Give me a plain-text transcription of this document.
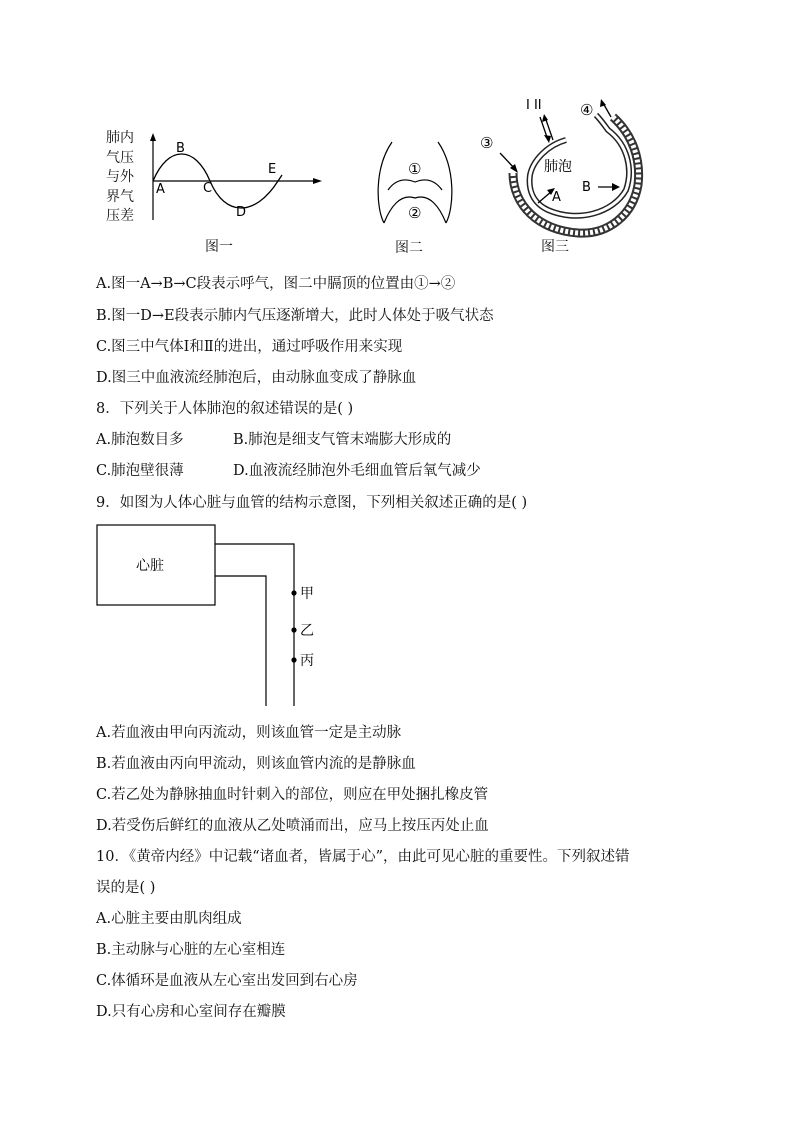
肺内
气压
与外
界气
压差
A
B
C
D
E
图一
①
②
图二
I II
③
④
肺泡
A
B
图三
A.图一A→B→C段表示呼气，图二中膈顶的位置由①→②
B.图一D→E段表示肺内气压逐渐增大，此时人体处于吸气状态
C.图三中气体Ⅰ和Ⅱ的进出，通过呼吸作用来实现
D.图三中血液流经肺泡后，由动脉血变成了静脉血
8．下列关于人体肺泡的叙述错误的是( )
A.肺泡数目多	B.肺泡是细支气管末端膨大形成的
C.肺泡壁很薄	D.血液流经肺泡外毛细血管后氧气减少
9．如图为人体心脏与血管的结构示意图，下列相关叙述正确的是( )
心脏
甲
乙
丙
A.若血液由甲向丙流动，则该血管一定是主动脉
B.若血液由丙向甲流动，则该血管内流的是静脉血
C.若乙处为静脉抽血时针刺入的部位，则应在甲处捆扎橡皮管
D.若受伤后鲜红的血液从乙处喷涌而出，应马上按压丙处止血
10．《黄帝内经》中记载“诸血者，皆属于心”，由此可见心脏的重要性。下列叙述错
误的是( )
A.心脏主要由肌肉组成
B.主动脉与心脏的左心室相连
C.体循环是血液从左心室出发回到右心房
D.只有心房和心室间存在瓣膜
